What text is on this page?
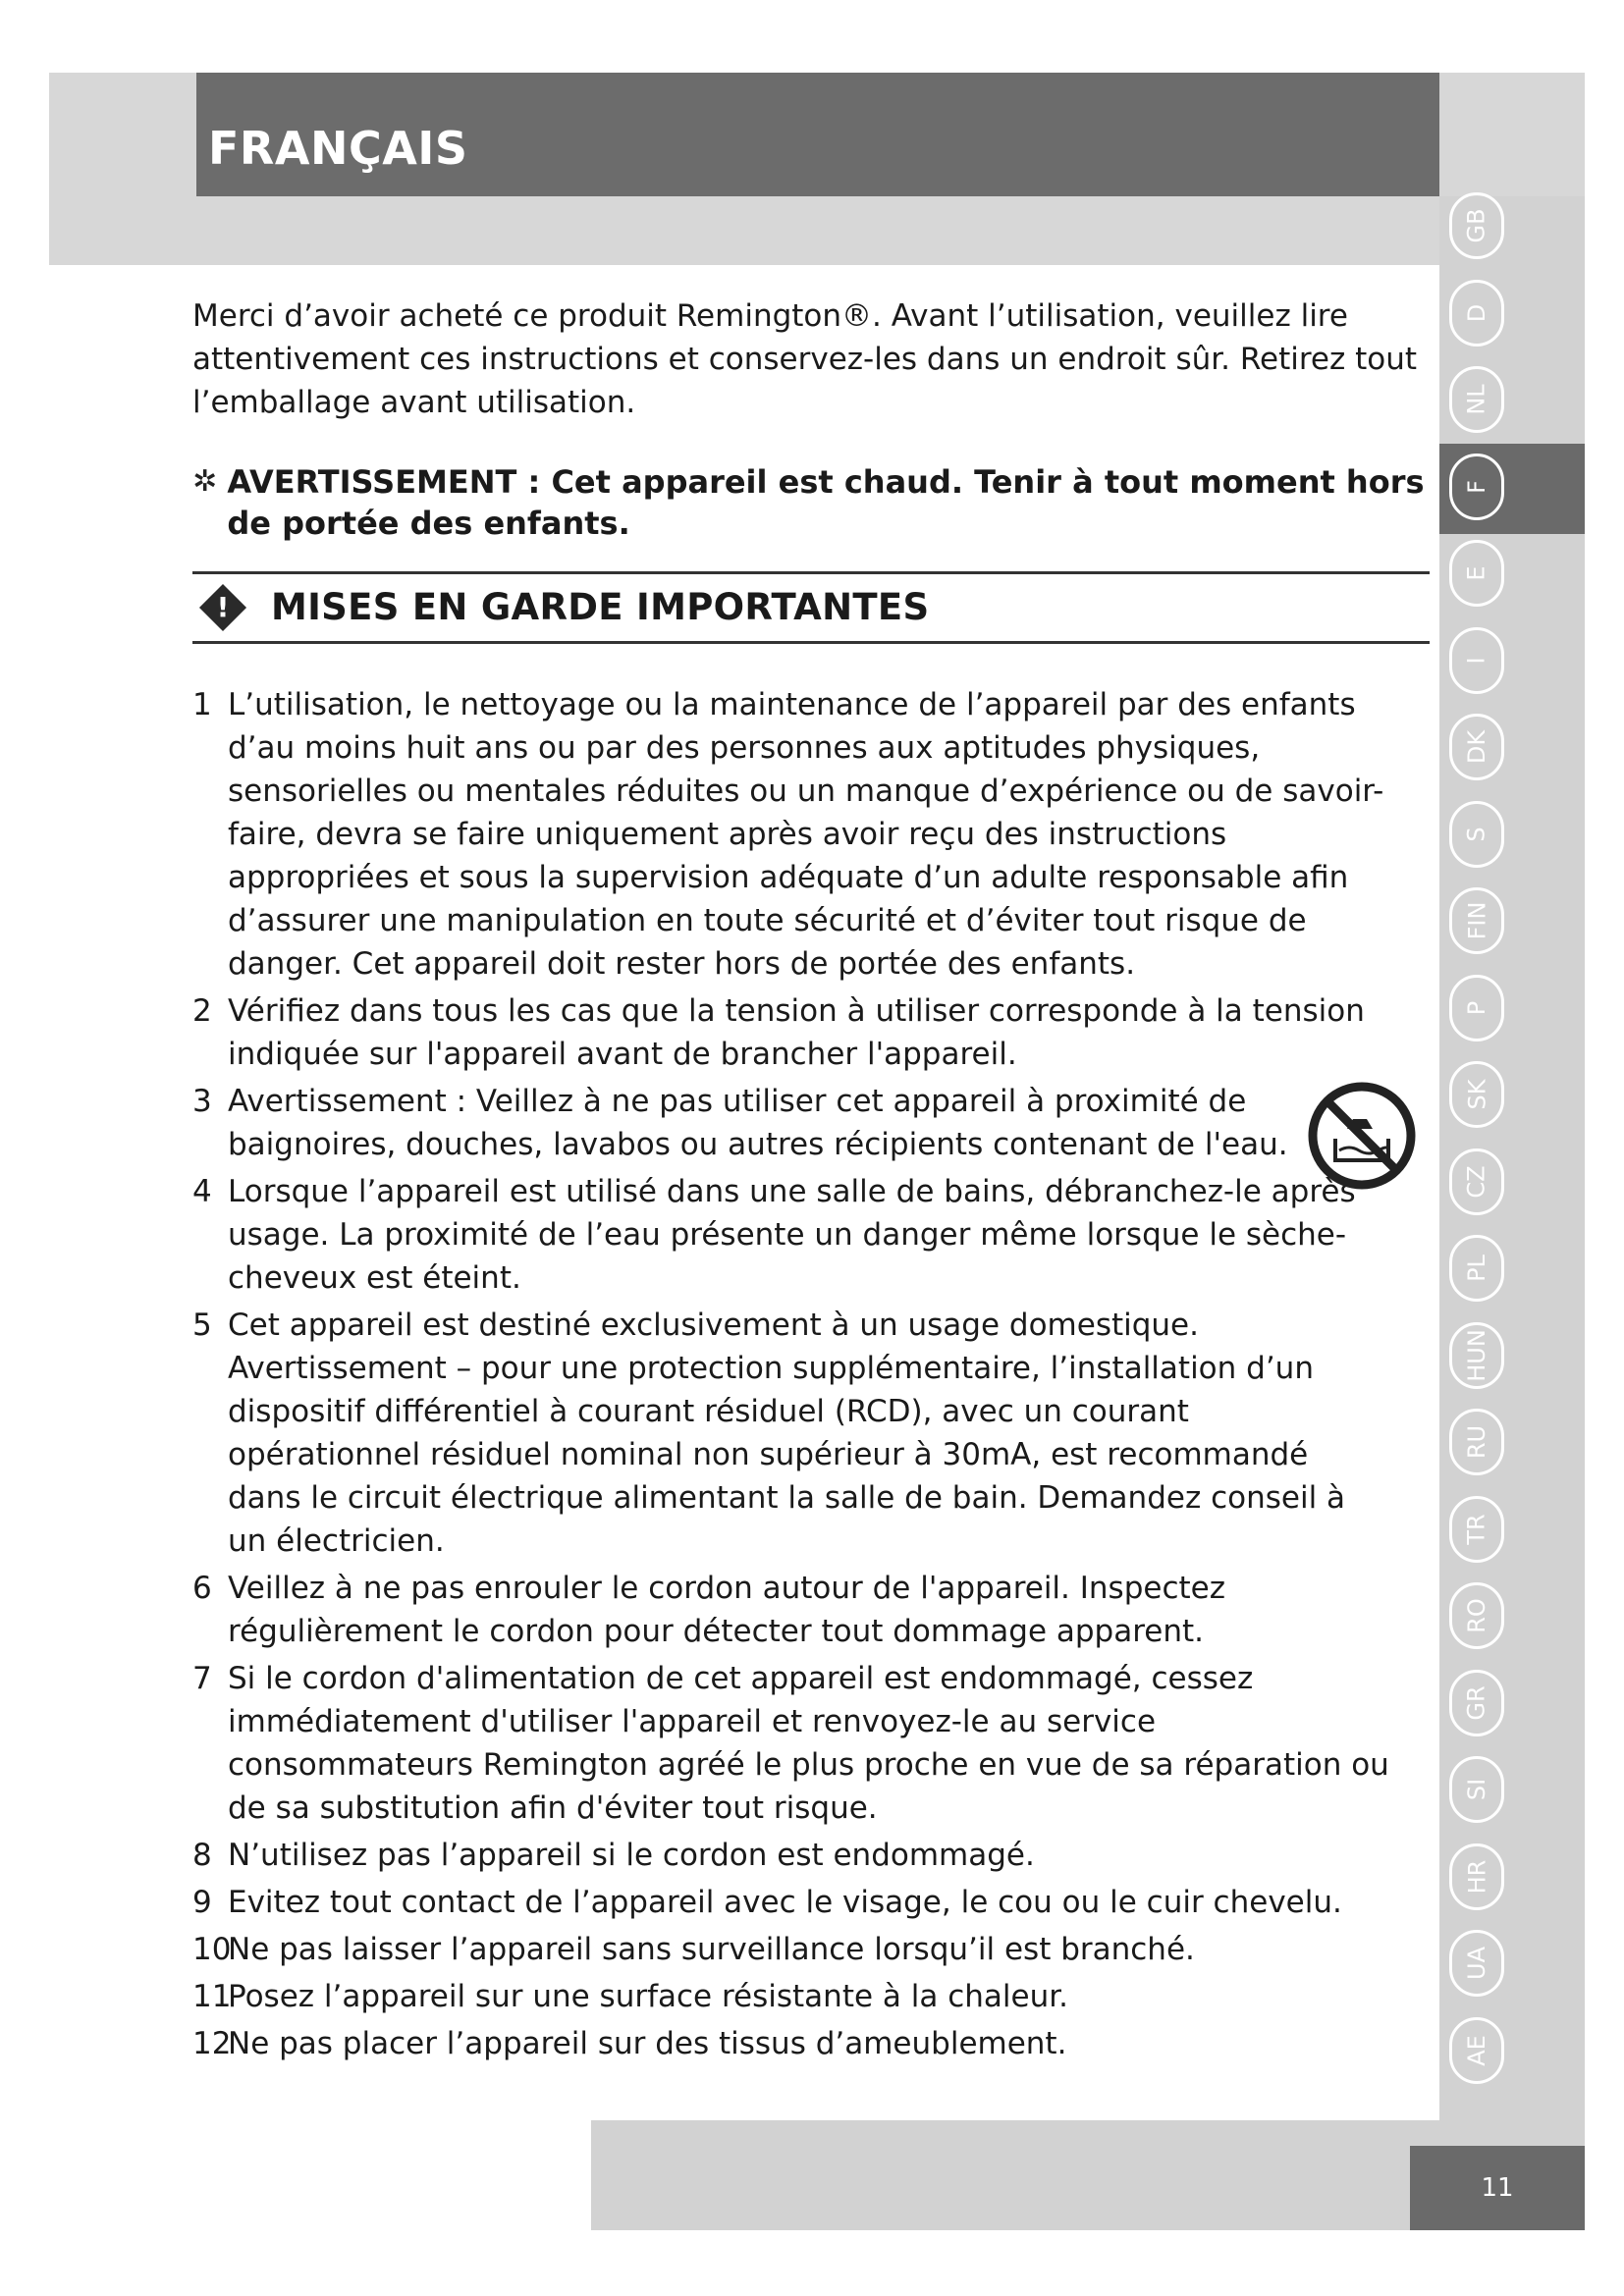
FRANÇAIS
GB
D
NL
F
E
I
DK
S
FIN
P
SK
CZ
PL
HUN
RU
TR
RO
GR
SI
HR
UA
AE

Merci d’avoir acheté ce produit Remington®. Avant l’utilisation, veuillez lire attentivement ces instructions et conservez-les dans un endroit sûr. Retirez tout l’emballage avant utilisation.

✲ AVERTISSEMENT : Cet appareil est chaud. Tenir à tout moment hors de portée des enfants.
! MISES EN GARDE IMPORTANTES
1 L’utilisation, le nettoyage ou la maintenance de l’appareil par des enfants d’au moins huit ans ou par des personnes aux aptitudes physiques, sensorielles ou mentales réduites ou un manque d’expérience ou de savoir-faire, devra se faire uniquement après avoir reçu des instructions appropriées et sous la supervision adéquate d’un adulte responsable afin d’assurer une manipulation en toute sécurité et d’éviter tout risque de danger. Cet appareil doit rester hors de portée des enfants.
2 Vérifiez dans tous les cas que la tension à utiliser corresponde à la tension indiquée sur l'appareil avant de brancher l'appareil.
3 Avertissement : Veillez à ne pas utiliser cet appareil à proximité de baignoires, douches, lavabos ou autres récipients contenant de l'eau.
4 Lorsque l’appareil est utilisé dans une salle de bains, débranchez-le après usage. La proximité de l’eau présente un danger même lorsque le sèche-cheveux est éteint.
5 Cet appareil est destiné exclusivement à un usage domestique. Avertissement – pour une protection supplémentaire, l’installation d’un dispositif différentiel à courant résiduel (RCD), avec un courant opérationnel résiduel nominal non supérieur à 30mA, est recommandé dans le circuit électrique alimentant la salle de bain. Demandez conseil à un électricien.
6 Veillez à ne pas enrouler le cordon autour de l'appareil. Inspectez régulièrement le cordon pour détecter tout dommage apparent.
7 Si le cordon d'alimentation de cet appareil est endommagé, cessez immédiatement d'utiliser l'appareil et renvoyez-le au service consommateurs Remington agréé le plus proche en vue de sa réparation ou de sa substitution afin d'éviter tout risque.
8 N’utilisez pas l’appareil si le cordon est endommagé.
9 Evitez tout contact de l’appareil avec le visage, le cou ou le cuir chevelu.
10
Ne pas laisser l’appareil sans surveillance lorsqu’il est branché.
11
Posez l’appareil sur une surface résistante à la chaleur.
12
Ne pas placer l’appareil sur des tissus d’ameublement.
11
